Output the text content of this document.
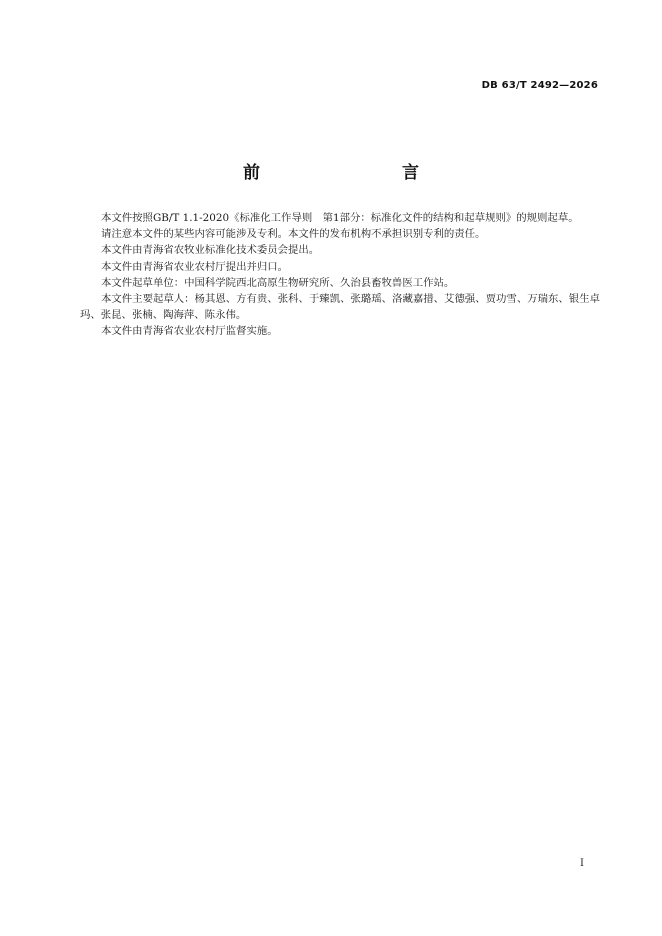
DB 63/T 2492—2026
前　　言

本文件按照GB/T 1.1-2020《标准化工作导则　第1部分：标准化文件的结构和起草规则》的规则起草。

请注意本文件的某些内容可能涉及专利。本文件的发布机构不承担识别专利的责任。

本文件由青海省农牧业标准化技术委员会提出。

本文件由青海省农业农村厅提出并归口。

本文件起草单位：中国科学院西北高原生物研究所、久治县畜牧兽医工作站。

本文件主要起草人：杨其恩、方有贵、张科、于臻凯、张璐瑶、洛藏嘉措、艾德强、贾功雪、万瑞东、银生卓玛、张昆、张楠、陶海萍、陈永伟。

本文件由青海省农业农村厅监督实施。

I
